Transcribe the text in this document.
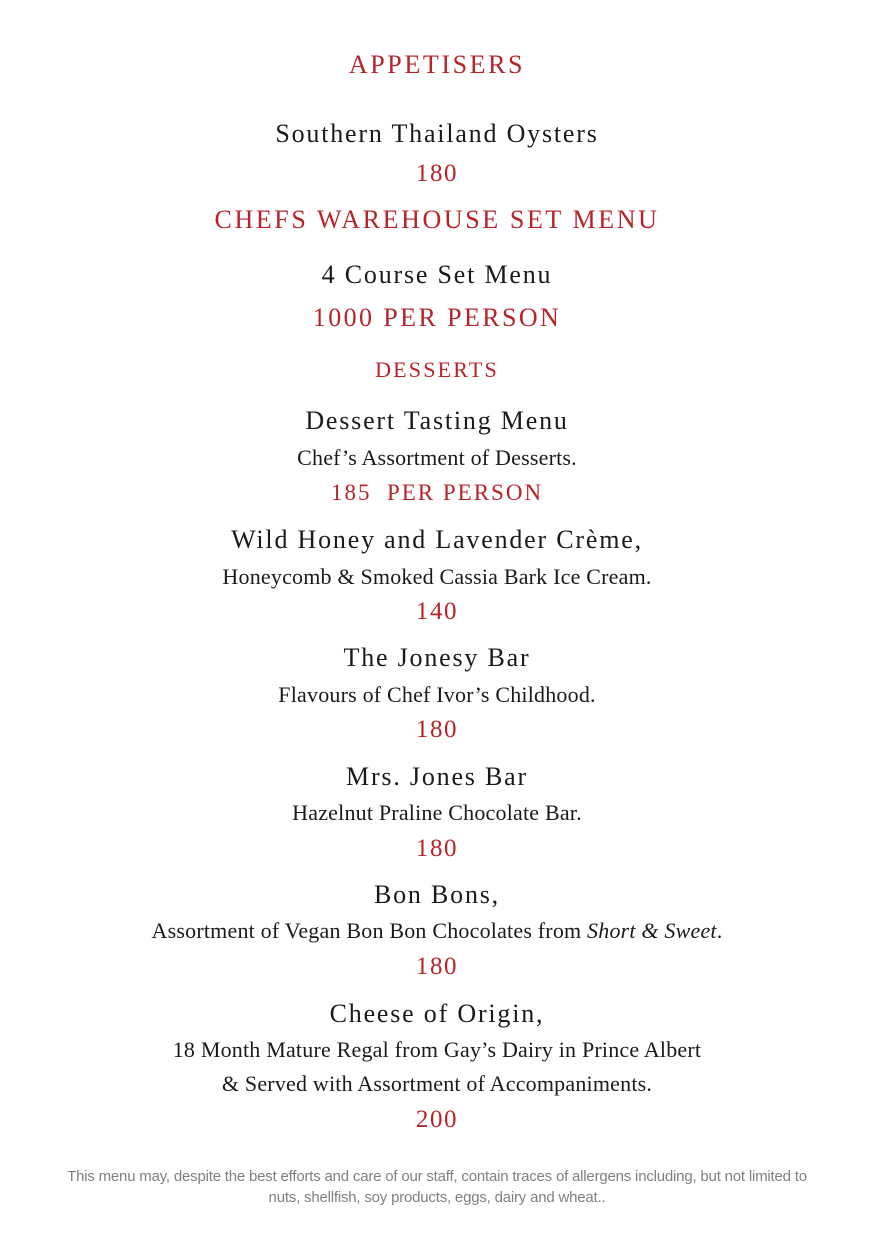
APPETISERS
Southern Thailand Oysters
180
CHEFS WAREHOUSE SET MENU
4 Course Set Menu
1000 PER PERSON
DESSERTS
Dessert Tasting Menu
Chef’s Assortment of Desserts.
185  PER PERSON
Wild Honey and Lavender Crème,
Honeycomb & Smoked Cassia Bark Ice Cream.
140
The Jonesy Bar
Flavours of Chef Ivor’s Childhood.
180
Mrs. Jones Bar
Hazelnut Praline Chocolate Bar.
180
Bon Bons,
Assortment of Vegan Bon Bon Chocolates from Short & Sweet.
180
Cheese of Origin,
18 Month Mature Regal from Gay’s Dairy in Prince Albert
& Served with Assortment of Accompaniments.
200
This menu may, despite the best efforts and care of our staff, contain traces of allergens including, but not limited to
nuts, shellfish, soy products, eggs, dairy and wheat..
